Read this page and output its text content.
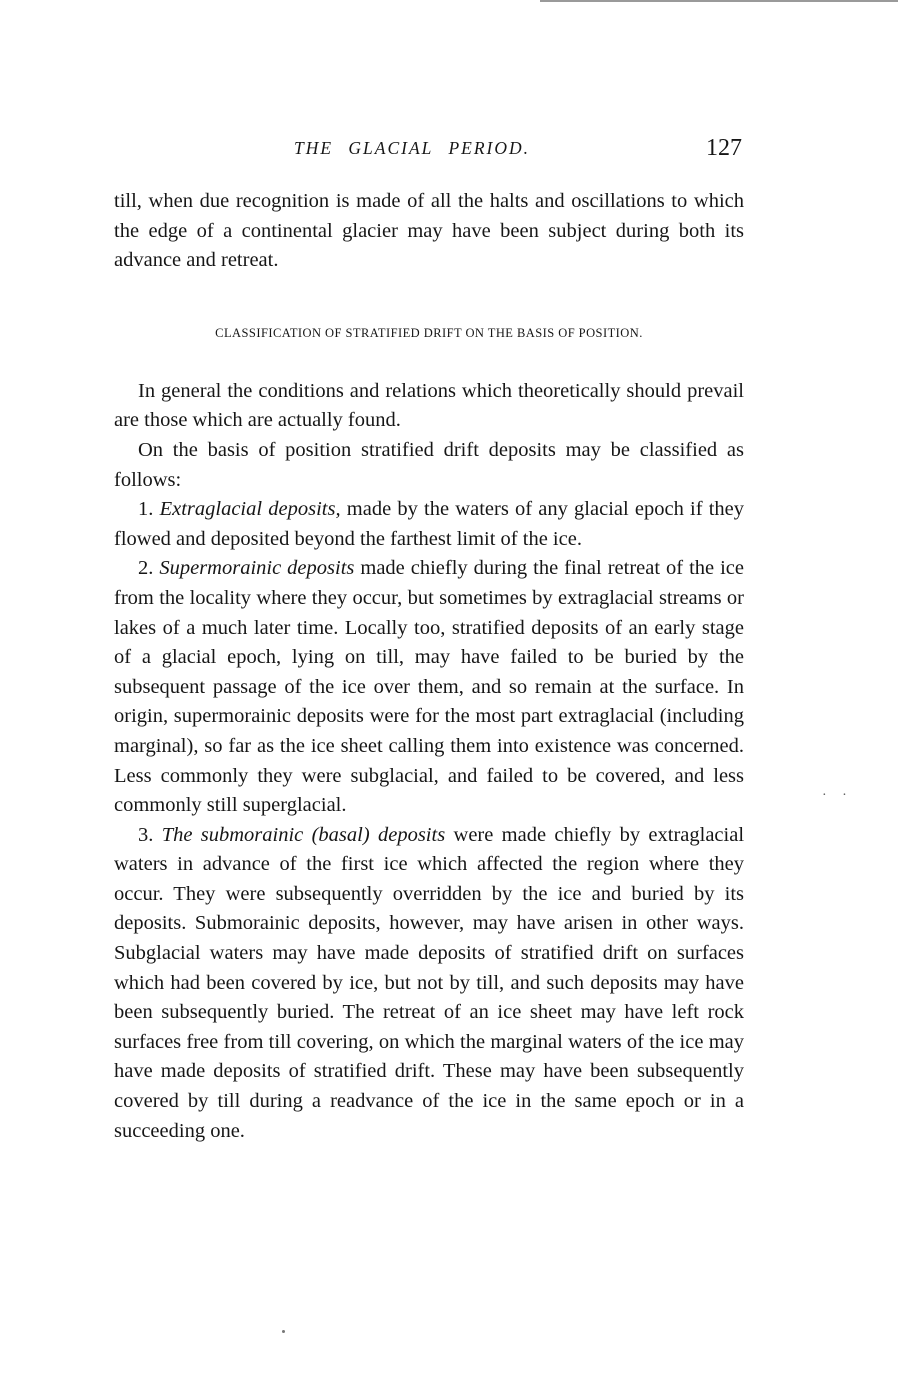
THE GLACIAL PERIOD.	127

till, when due recognition is made of all the halts and oscillations to which the edge of a continental glacier may have been subject during both its advance and retreat.

CLASSIFICATION OF STRATIFIED DRIFT ON THE BASIS OF POSITION.

In general the conditions and relations which theoretically should prevail are those which are actually found.

On the basis of position stratified drift deposits may be classified as follows:

1. Extraglacial deposits, made by the waters of any glacial epoch if they flowed and deposited beyond the farthest limit of the ice.

2. Supermorainic deposits made chiefly during the final retreat of the ice from the locality where they occur, but sometimes by extraglacial streams or lakes of a much later time. Locally too, stratified deposits of an early stage of a glacial epoch, lying on till, may have failed to be buried by the subsequent passage of the ice over them, and so remain at the surface. In origin, supermorainic deposits were for the most part extraglacial (including marginal), so far as the ice sheet calling them into existence was concerned. Less commonly they were subglacial, and failed to be covered, and less commonly still superglacial.

3. The submorainic (basal) deposits were made chiefly by extraglacial waters in advance of the first ice which affected the region where they occur. They were subsequently overridden by the ice and buried by its deposits. Submorainic deposits, however, may have arisen in other ways. Subglacial waters may have made deposits of stratified drift on surfaces which had been covered by ice, but not by till, and such deposits may have been subsequently buried. The retreat of an ice sheet may have left rock surfaces free from till covering, on which the marginal waters of the ice may have made deposits of stratified drift. These may have been subsequently covered by till during a readvance of the ice in the same epoch or in a succeeding one.

· ·
